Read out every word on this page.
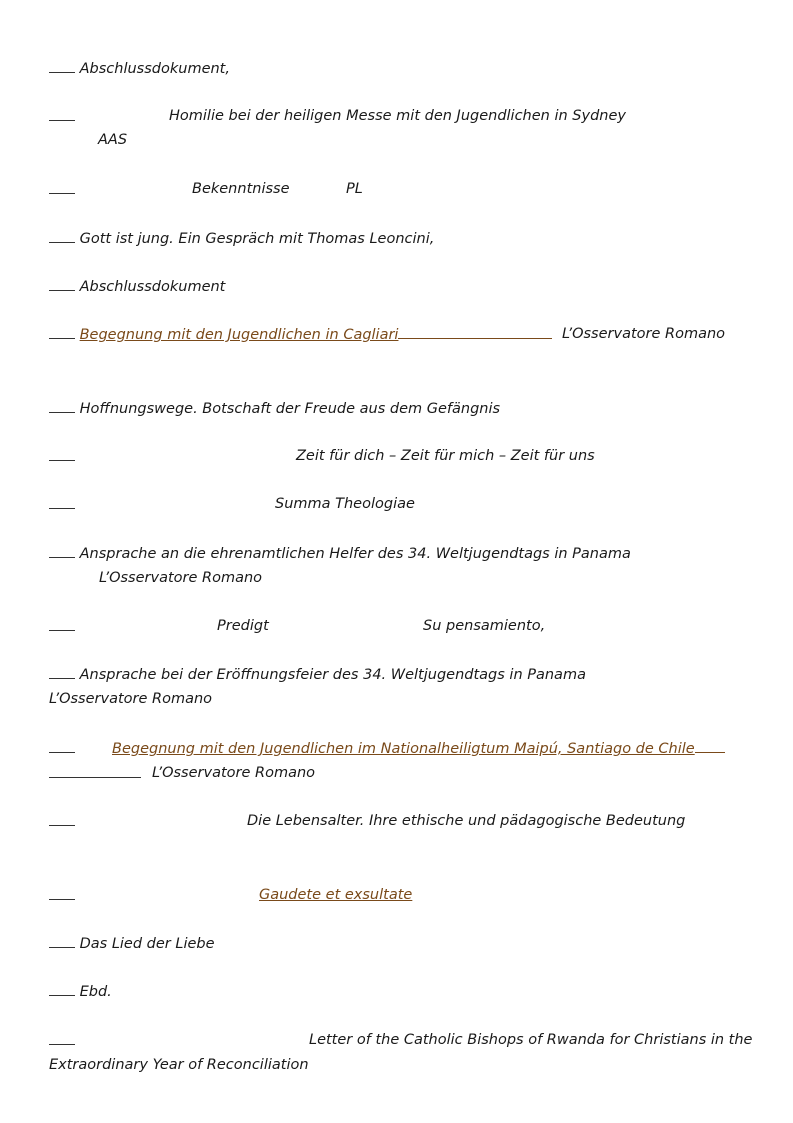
Abschlussdokument,
Homilie bei der heiligen Messe mit den Jugendlichen in Sydney
AAS
Bekenntnisse	PL
Gott ist jung. Ein Gespräch mit Thomas Leoncini,
Abschlussdokument
Begegnung mit den Jugendlichen in Cagliari	L’Osservatore Romano
Hoffnungswege. Botschaft der Freude aus dem Gefängnis
Zeit für dich – Zeit für mich – Zeit für uns
Summa Theologiae
Ansprache an die ehrenamtlichen Helfer des 34. Weltjugendtags in Panama
L’Osservatore Romano
Predigt	Su pensamiento,
Ansprache bei der Eröffnungsfeier des 34. Weltjugendtags in Panama
L’Osservatore Romano
Begegnung mit den Jugendlichen im Nationalheiligtum Maipú, Santiago de Chile
L’Osservatore Romano
Die Lebensalter. Ihre ethische und pädagogische Bedeutung
Gaudete et exsultate
Das Lied der Liebe
Ebd.
Letter of the Catholic Bishops of Rwanda for Christians in the
Extraordinary Year of Reconciliation
